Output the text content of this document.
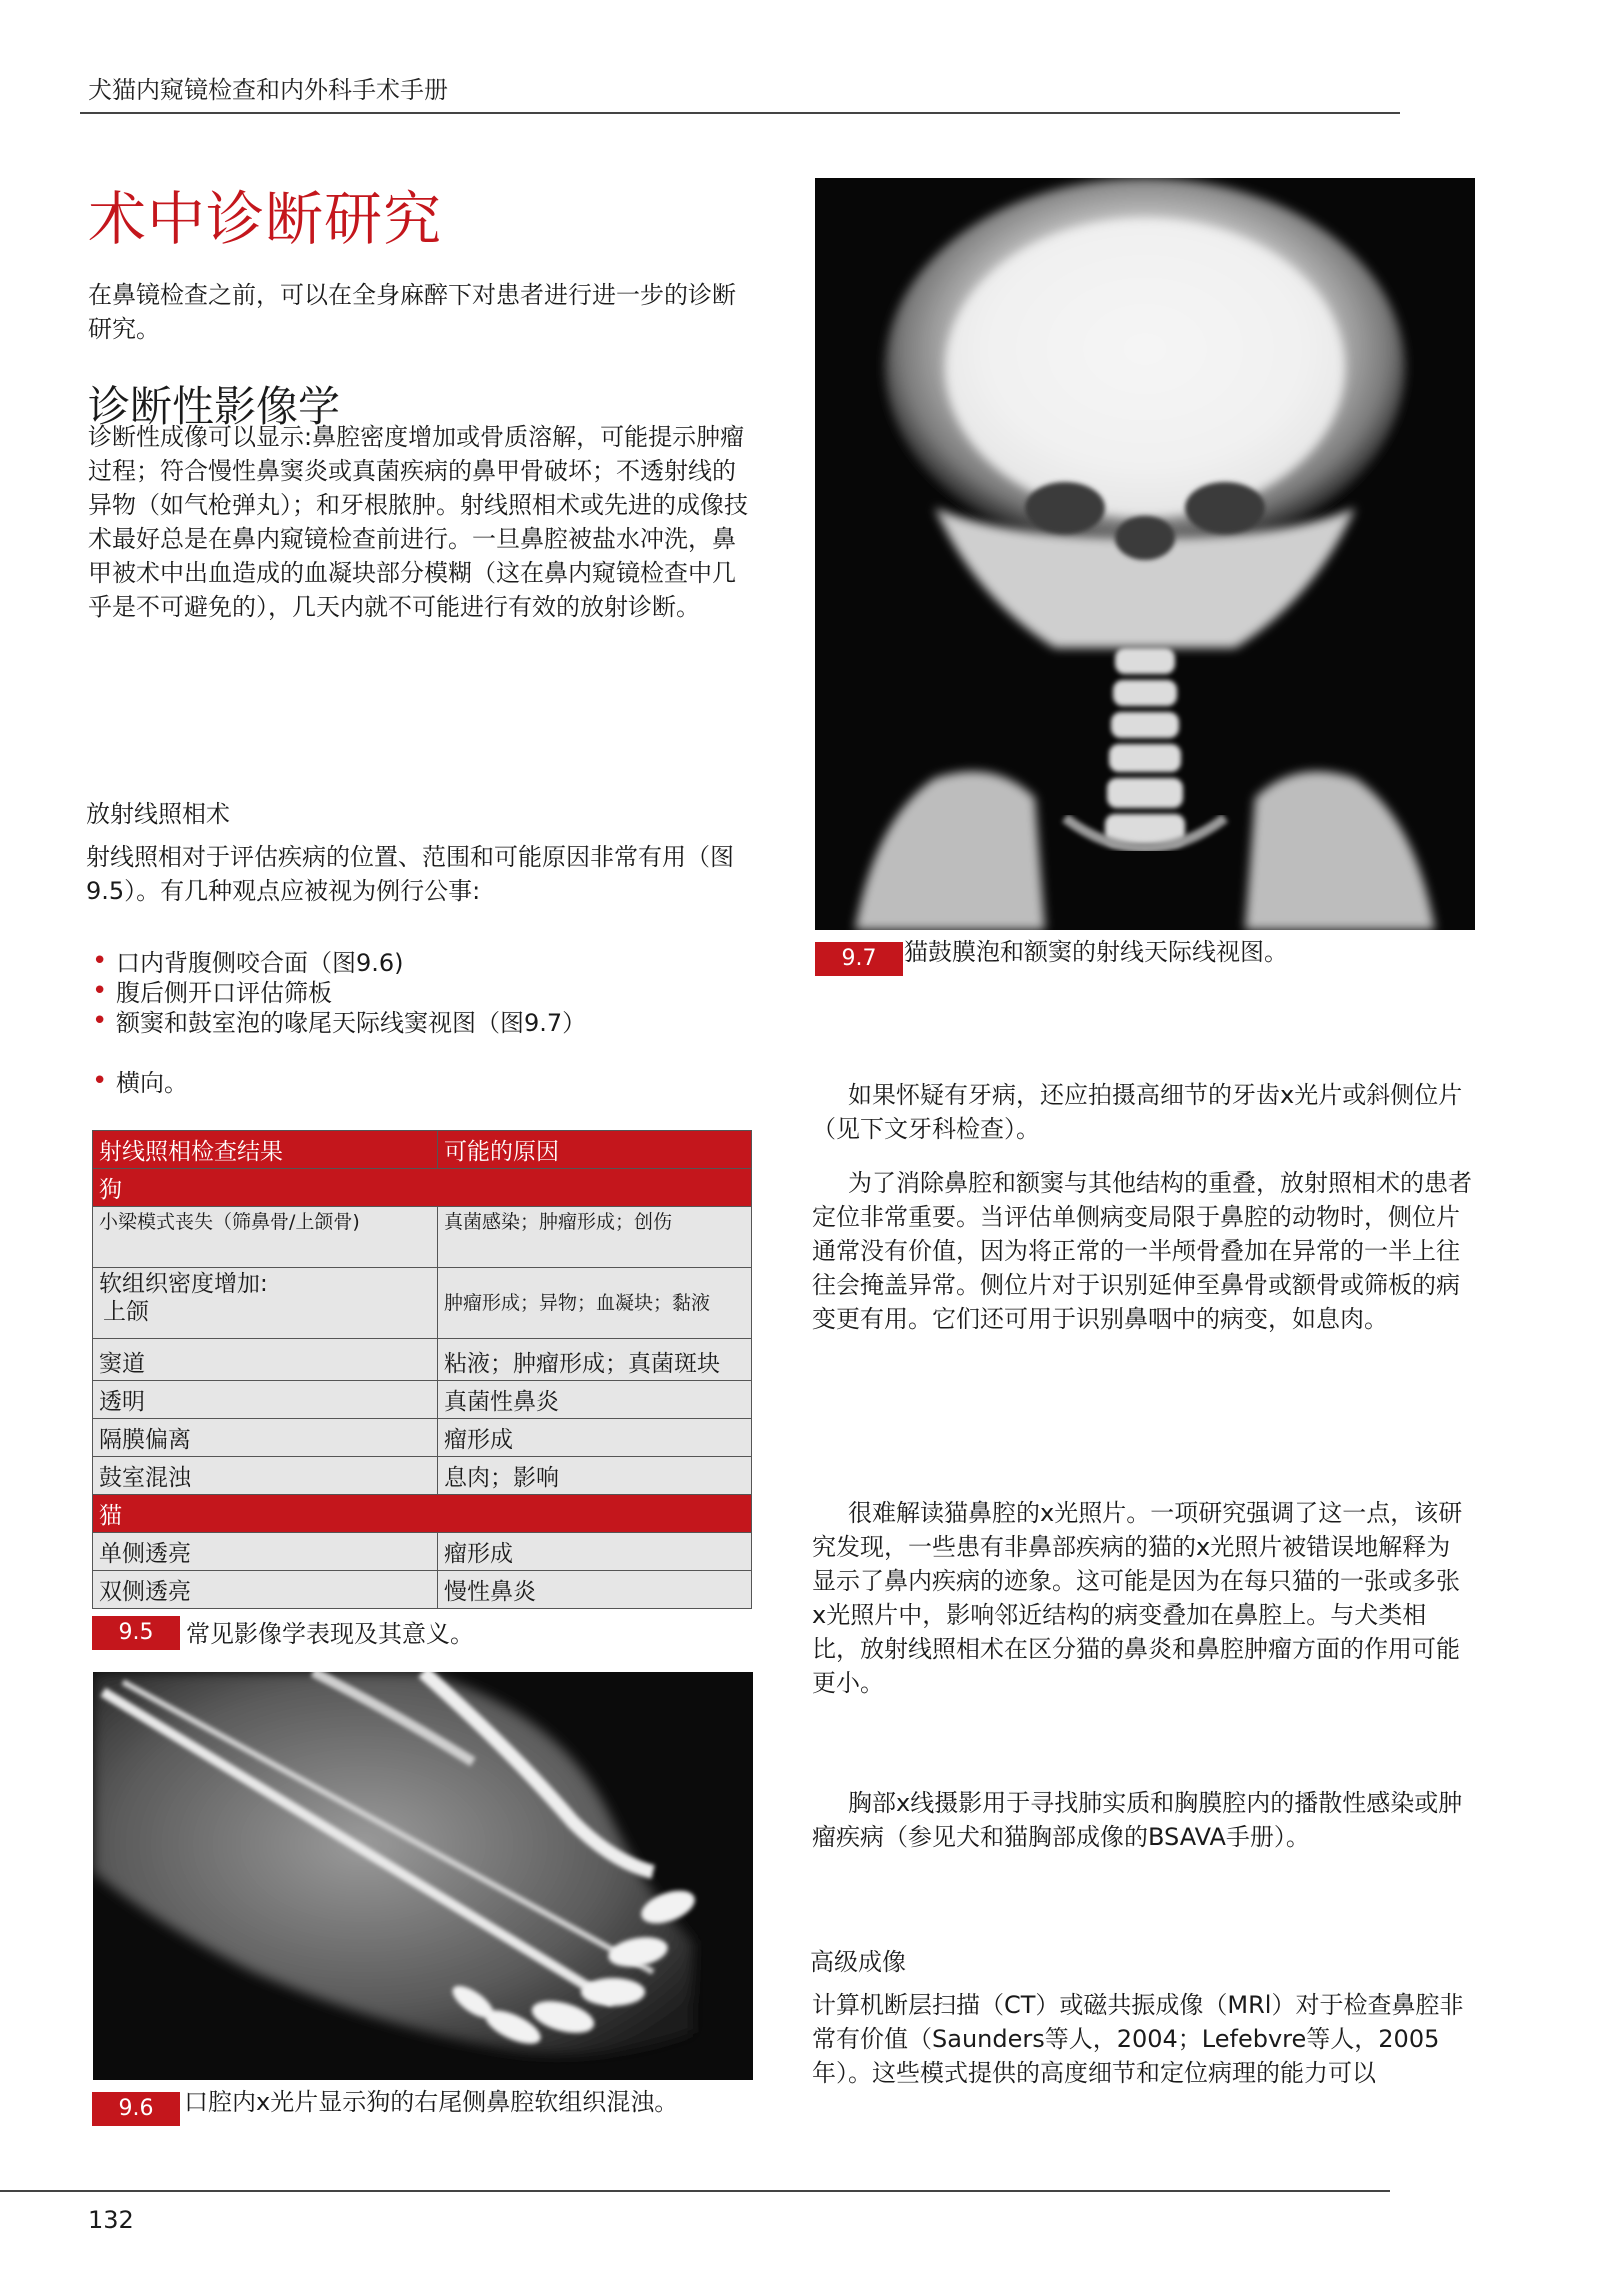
犬猫内窥镜检查和内外科手术手册
术中诊断研究
在鼻镜检查之前，可以在全身麻醉下对患者进行进一步的诊断研究。
诊断性影像学
诊断性成像可以显示:鼻腔密度增加或骨质溶解，可能提示肿瘤过程；符合慢性鼻窦炎或真菌疾病的鼻甲骨破坏；不透射线的异物（如气枪弹丸）；和牙根脓肿。射线照相术或先进的成像技术最好总是在鼻内窥镜检查前进行。一旦鼻腔被盐水冲洗，鼻甲被术中出血造成的血凝块部分模糊（这在鼻内窥镜检查中几乎是不可避免的），几天内就不可能进行有效的放射诊断。
放射线照相术
射线照相对于评估疾病的位置、范围和可能原因非常有用（图9.5）。有几种观点应被视为例行公事:
• 口内背腹侧咬合面（图9.6)
• 腹后侧开口评估筛板
• 额窦和鼓室泡的喙尾天际线窦视图（图9.7）
• 横向。
射线照相检查结果	可能的原因
狗	
小梁模式丧失（筛鼻骨/上颌骨)	真菌感染；肿瘤形成；创伤

软组织密度增加:
上颌	肿瘤形成；异物；血凝块；黏液
窦道	粘液；肿瘤形成；真菌斑块
透明	真菌性鼻炎
隔膜偏离	瘤形成
鼓室混浊	息肉；影响
猫	
单侧透亮	瘤形成
双侧透亮	慢性鼻炎
9.5	常见影像学表现及其意义。
9.6	口腔内x光片显示狗的右尾侧鼻腔软组织混浊。
9.7	猫鼓膜泡和额窦的射线天际线视图。
如果怀疑有牙病，还应拍摄高细节的牙齿x光片或斜侧位片（见下文牙科检查）。
为了消除鼻腔和额窦与其他结构的重叠，放射照相术的患者定位非常重要。当评估单侧病变局限于鼻腔的动物时，侧位片通常没有价值，因为将正常的一半颅骨叠加在异常的一半上往往会掩盖异常。侧位片对于识别延伸至鼻骨或额骨或筛板的病变更有用。它们还可用于识别鼻咽中的病变，如息肉。
很难解读猫鼻腔的x光照片。一项研究强调了这一点，该研究发现，一些患有非鼻部疾病的猫的x光照片被错误地解释为显示了鼻内疾病的迹象。这可能是因为在每只猫的一张或多张x光照片中，影响邻近结构的病变叠加在鼻腔上。与犬类相比，放射线照相术在区分猫的鼻炎和鼻腔肿瘤方面的作用可能更小。
胸部x线摄影用于寻找肺实质和胸膜腔内的播散性感染或肿瘤疾病（参见犬和猫胸部成像的BSAVA手册）。
高级成像
计算机断层扫描（CT）或磁共振成像（MRl）对于检查鼻腔非常有价值（Saunders等人，2004；Lefebvre等人，2005年）。这些模式提供的高度细节和定位病理的能力可以
132
